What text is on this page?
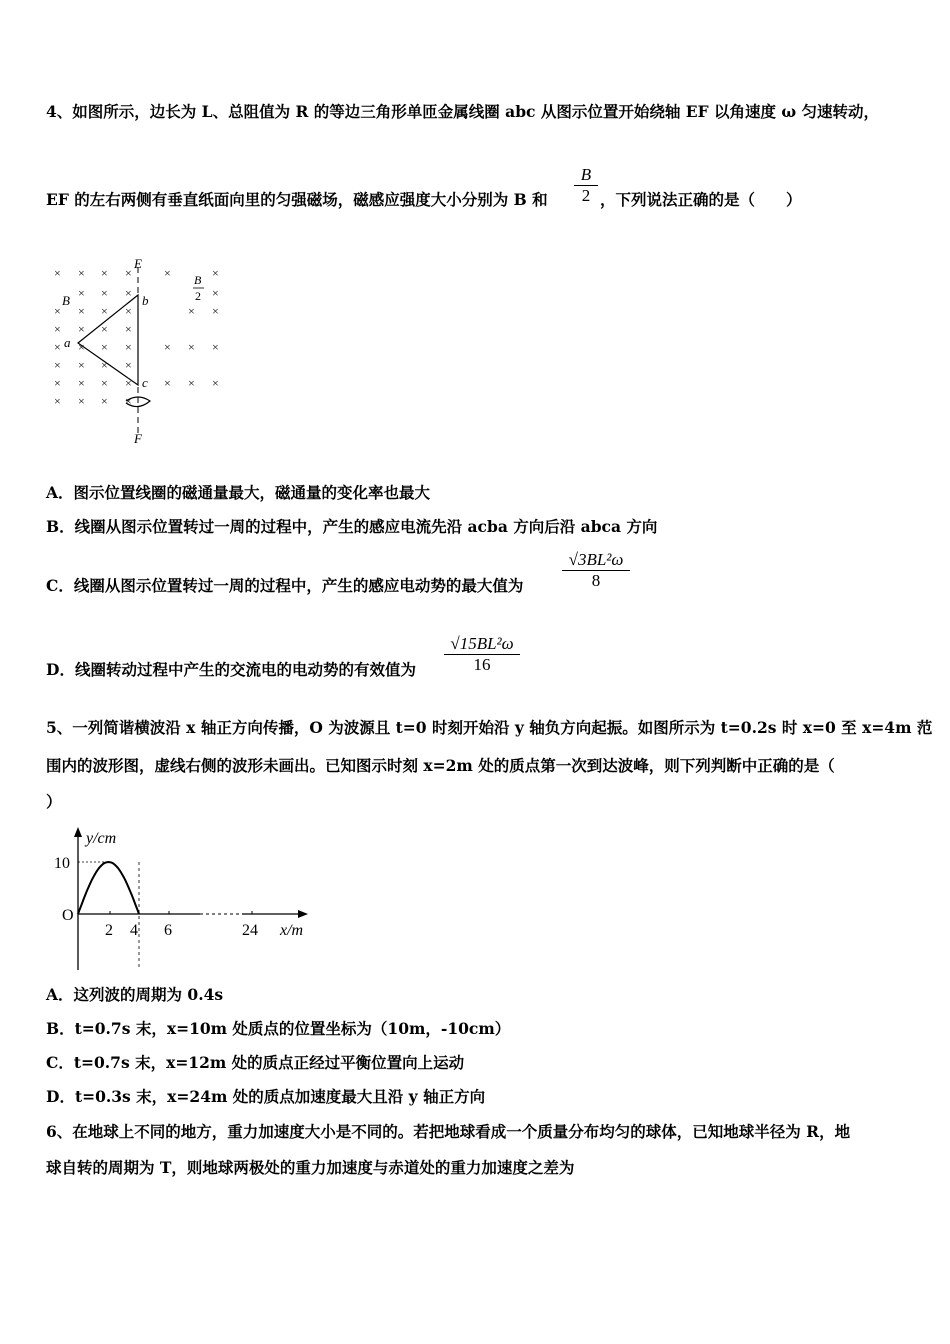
4、如图所示，边长为 L、总阻值为 R 的等边三角形单匝金属线圈 abc 从图示位置开始绕轴 EF 以角速度 ω 匀速转动，
EF 的左右两侧有垂直纸面向里的匀强磁场，磁感应强度大小分别为 B 和
B
2 ，下列说法正确的是（　　）
× × × ×
× × ×
× × × ×
× × × ×
× × × ×
× × × ×
× × × ×
× × × ×
×	×
×
× ×
× × ×
× × ×
E
F
a
b
c
B
B
2
A．图示位置线圈的磁通量最大，磁通量的变化率也最大
B．线圈从图示位置转过一周的过程中，产生的感应电流先沿 acba 方向后沿 abca 方向
C．线圈从图示位置转过一周的过程中，产生的感应电动势的最大值为
√3BL²ω
8
D．线圈转动过程中产生的交流电的电动势的有效值为
√15BL²ω
16
5、一列简谐横波沿 x 轴正方向传播，O 为波源且 t=0 时刻开始沿 y 轴负方向起振。如图所示为 t=0.2s 时 x=0 至 x=4m 范
围内的波形图，虚线右侧的波形未画出。已知图示时刻 x=2m 处的质点第一次到达波峰，则下列判断中正确的是（
）
y/cm
x/m
O
10
2 4 6	24
A．这列波的周期为 0.4s
B．t=0.7s 末，x=10m 处质点的位置坐标为（10m，-10cm）
C．t=0.7s 末，x=12m 处的质点正经过平衡位置向上运动
D．t=0.3s 末，x=24m 处的质点加速度最大且沿 y 轴正方向
6、在地球上不同的地方，重力加速度大小是不同的。若把地球看成一个质量分布均匀的球体，已知地球半径为 R，地
球自转的周期为 T，则地球两极处的重力加速度与赤道处的重力加速度之差为
